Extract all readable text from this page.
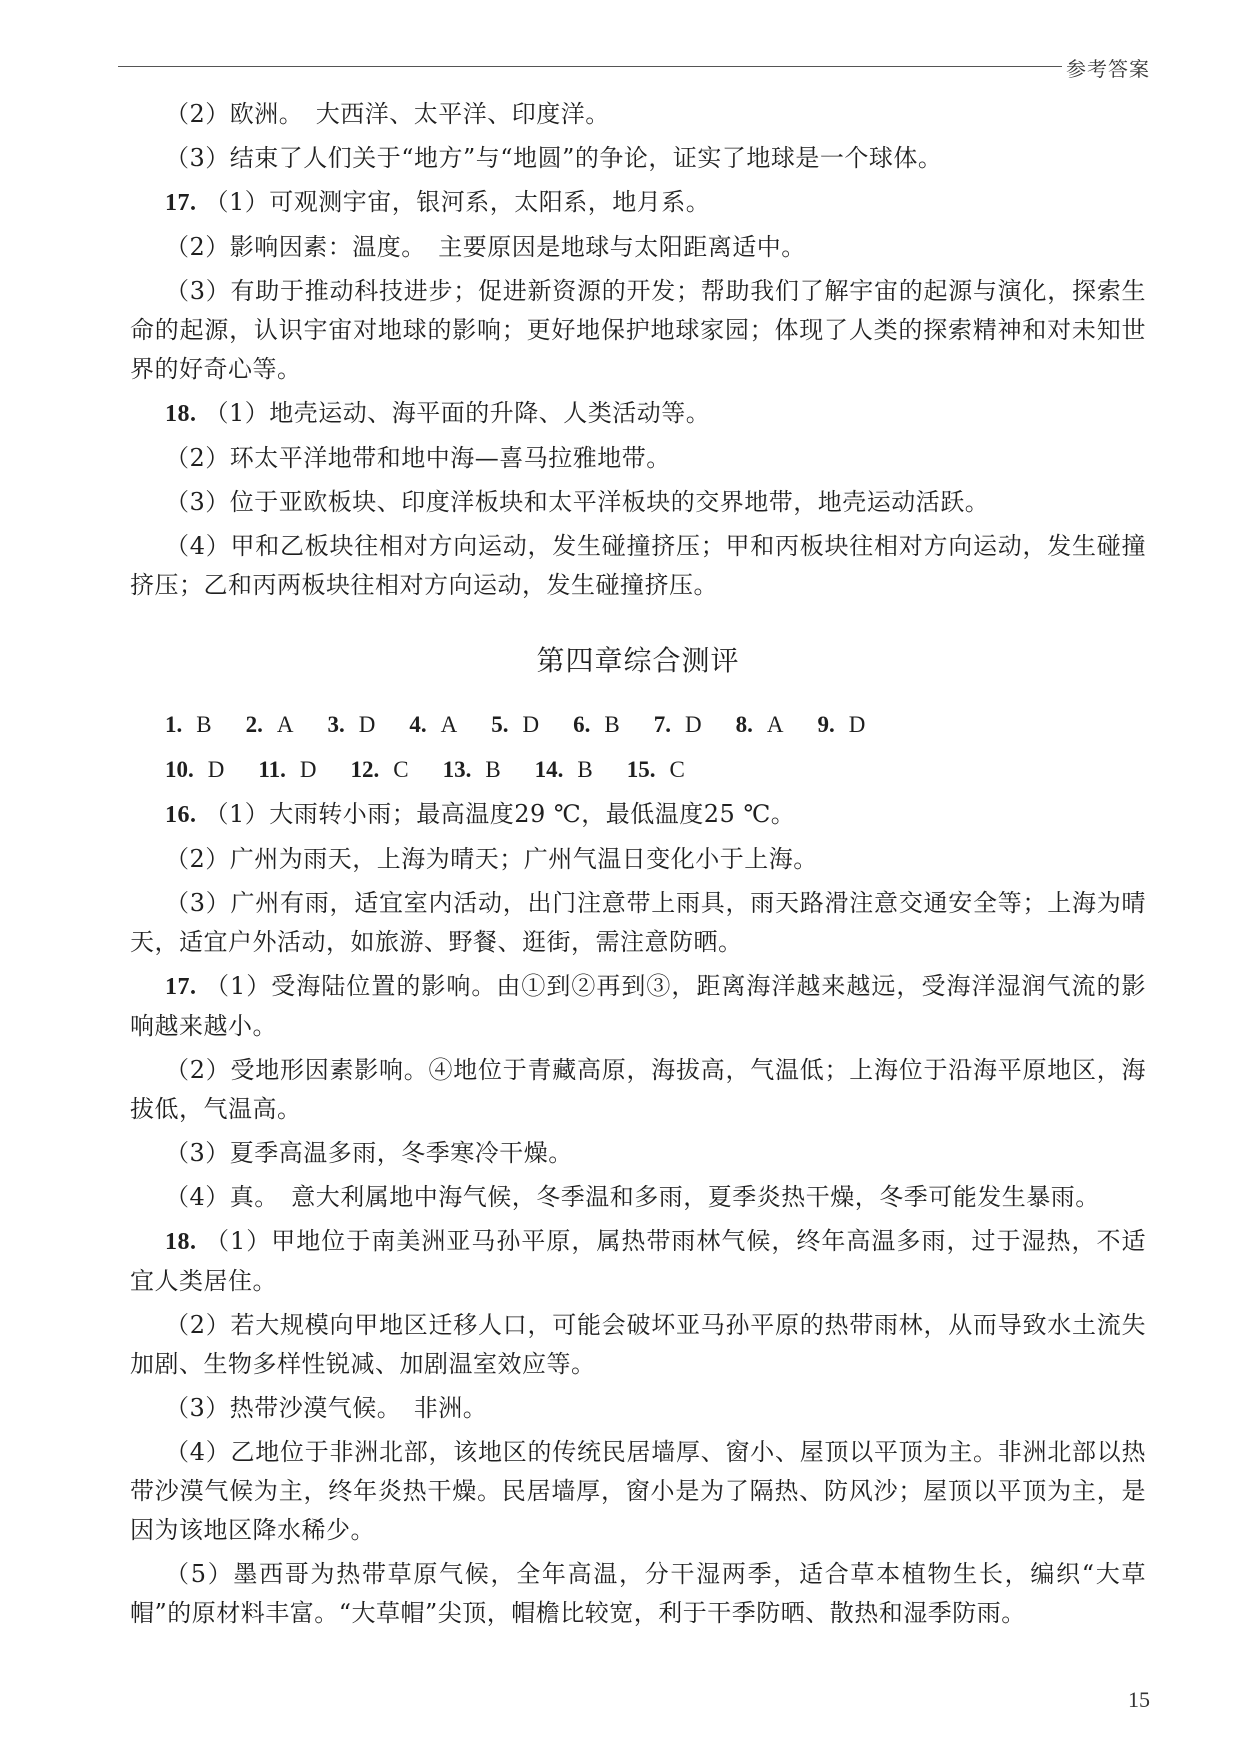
参考答案

（2）欧洲。　大西洋、太平洋、印度洋。

（3）结束了人们关于“地方”与“地圆”的争论，证实了地球是一个球体。

17. （1）可观测宇宙，银河系，太阳系，地月系。

（2）影响因素：温度。　主要原因是地球与太阳距离适中。

（3）有助于推动科技进步；促进新资源的开发；帮助我们了解宇宙的起源与演化，探索生命的起源，认识宇宙对地球的影响；更好地保护地球家园；体现了人类的探索精神和对未知世界的好奇心等。

18. （1）地壳运动、海平面的升降、人类活动等。

（2）环太平洋地带和地中海—喜马拉雅地带。

（3）位于亚欧板块、印度洋板块和太平洋板块的交界地带，地壳运动活跃。

（4）甲和乙板块往相对方向运动，发生碰撞挤压；甲和丙板块往相对方向运动，发生碰撞挤压；乙和丙两板块往相对方向运动，发生碰撞挤压。

第四章综合测评
1. B 2. A 3. D 4. A 5. D 6. B 7. D 8. A 9. D
10. D 11. D 12. C 13. B 14. B 15. C

16. （1）大雨转小雨；最高温度29 ℃，最低温度25 ℃。

（2）广州为雨天，上海为晴天；广州气温日变化小于上海。

（3）广州有雨，适宜室内活动，出门注意带上雨具，雨天路滑注意交通安全等；上海为晴天，适宜户外活动，如旅游、野餐、逛街，需注意防晒。

17. （1）受海陆位置的影响。由①到②再到③，距离海洋越来越远，受海洋湿润气流的影响越来越小。

（2）受地形因素影响。④地位于青藏高原，海拔高，气温低；上海位于沿海平原地区，海拔低，气温高。

（3）夏季高温多雨，冬季寒冷干燥。

（4）真。　意大利属地中海气候，冬季温和多雨，夏季炎热干燥，冬季可能发生暴雨。

18. （1）甲地位于南美洲亚马孙平原，属热带雨林气候，终年高温多雨，过于湿热，不适宜人类居住。

（2）若大规模向甲地区迁移人口，可能会破坏亚马孙平原的热带雨林，从而导致水土流失加剧、生物多样性锐减、加剧温室效应等。

（3）热带沙漠气候。　非洲。

（4）乙地位于非洲北部，该地区的传统民居墙厚、窗小、屋顶以平顶为主。非洲北部以热带沙漠气候为主，终年炎热干燥。民居墙厚，窗小是为了隔热、防风沙；屋顶以平顶为主，是因为该地区降水稀少。

（5）墨西哥为热带草原气候，全年高温，分干湿两季，适合草本植物生长，编织“大草帽”的原材料丰富。“大草帽”尖顶，帽檐比较宽，利于干季防晒、散热和湿季防雨。

15
